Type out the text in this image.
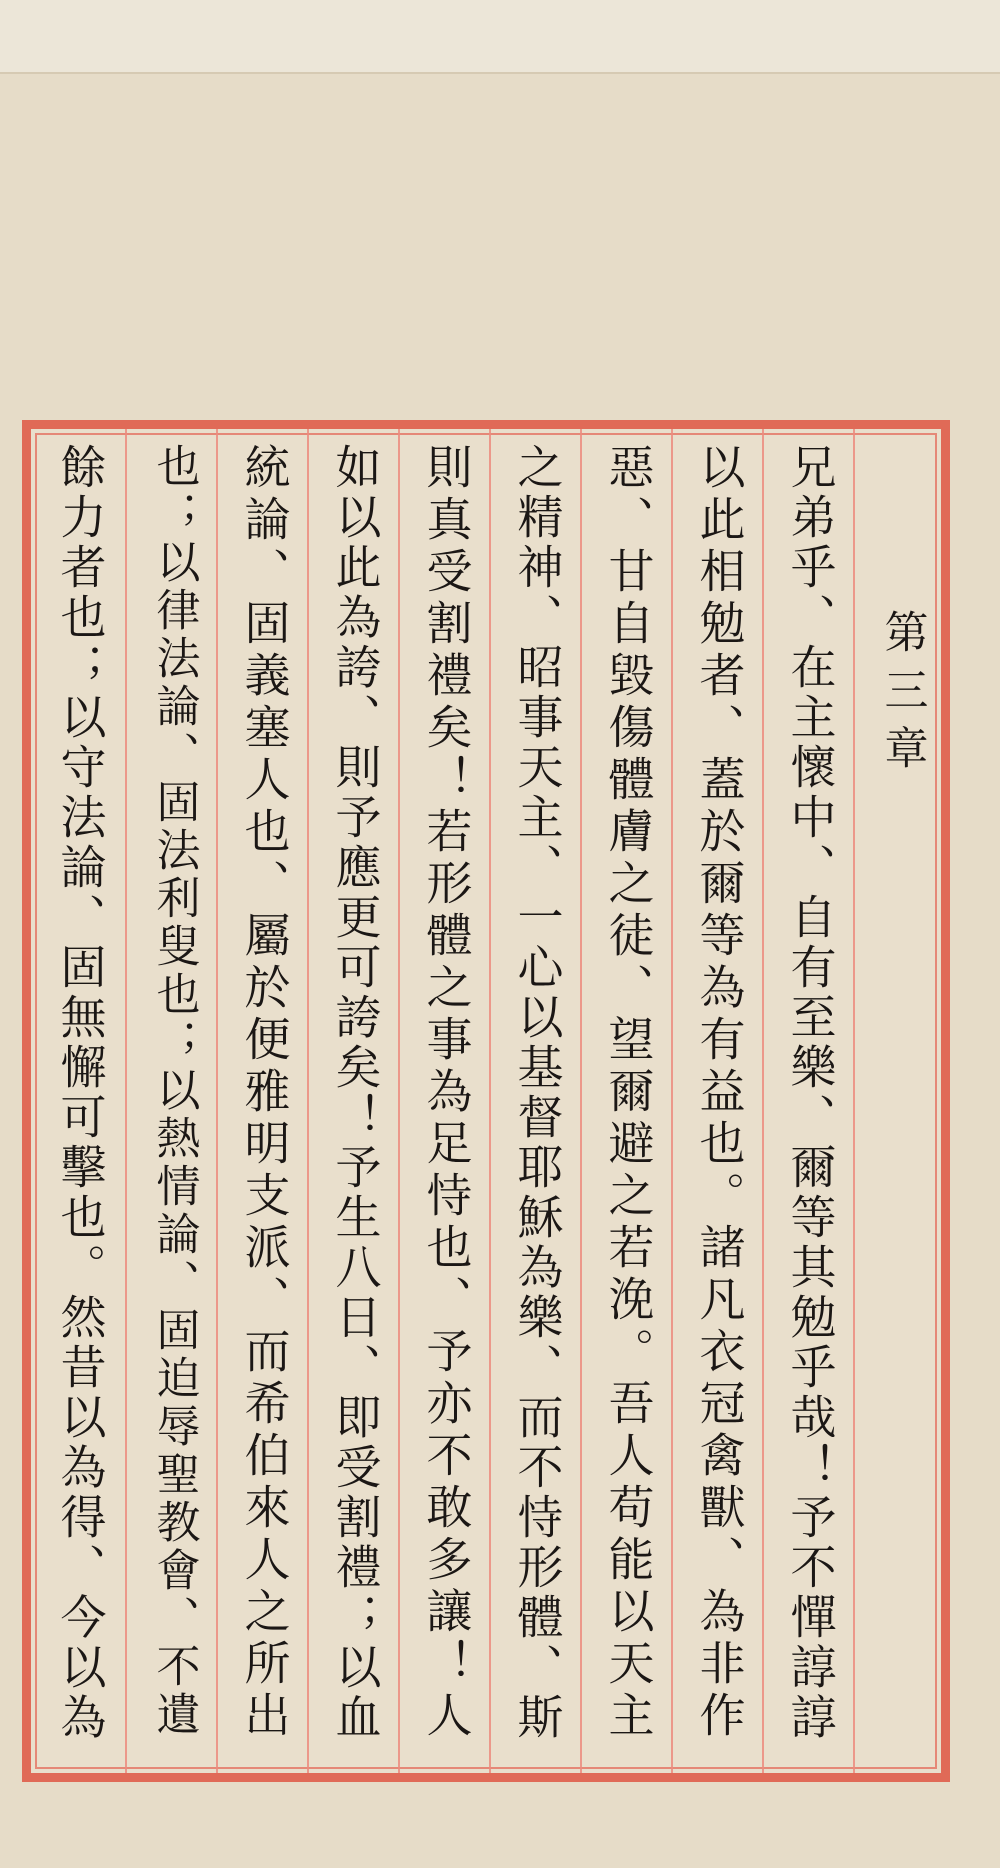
第三章
兄弟乎、在主懷中、自有至樂、爾等其勉乎哉！予不憚諄諄
以此相勉者、蓋於爾等為有益也。諸凡衣冠禽獸、為非作
惡、甘自毀傷體膚之徒、望爾避之若浼。吾人苟能以天主
之精神、昭事天主、一心以基督耶穌為樂、而不恃形體、斯
則真受割禮矣！若形體之事為足恃也、予亦不敢多讓！人
如以此為誇、則予應更可誇矣！予生八日、即受割禮；以血
統論、固義塞人也、屬於便雅明支派、而希伯來人之所出
也；以律法論、固法利叟也；以熱情論、固迫辱聖教會、不遺
餘力者也；以守法論、固無懈可擊也。然昔以為得、今以為
